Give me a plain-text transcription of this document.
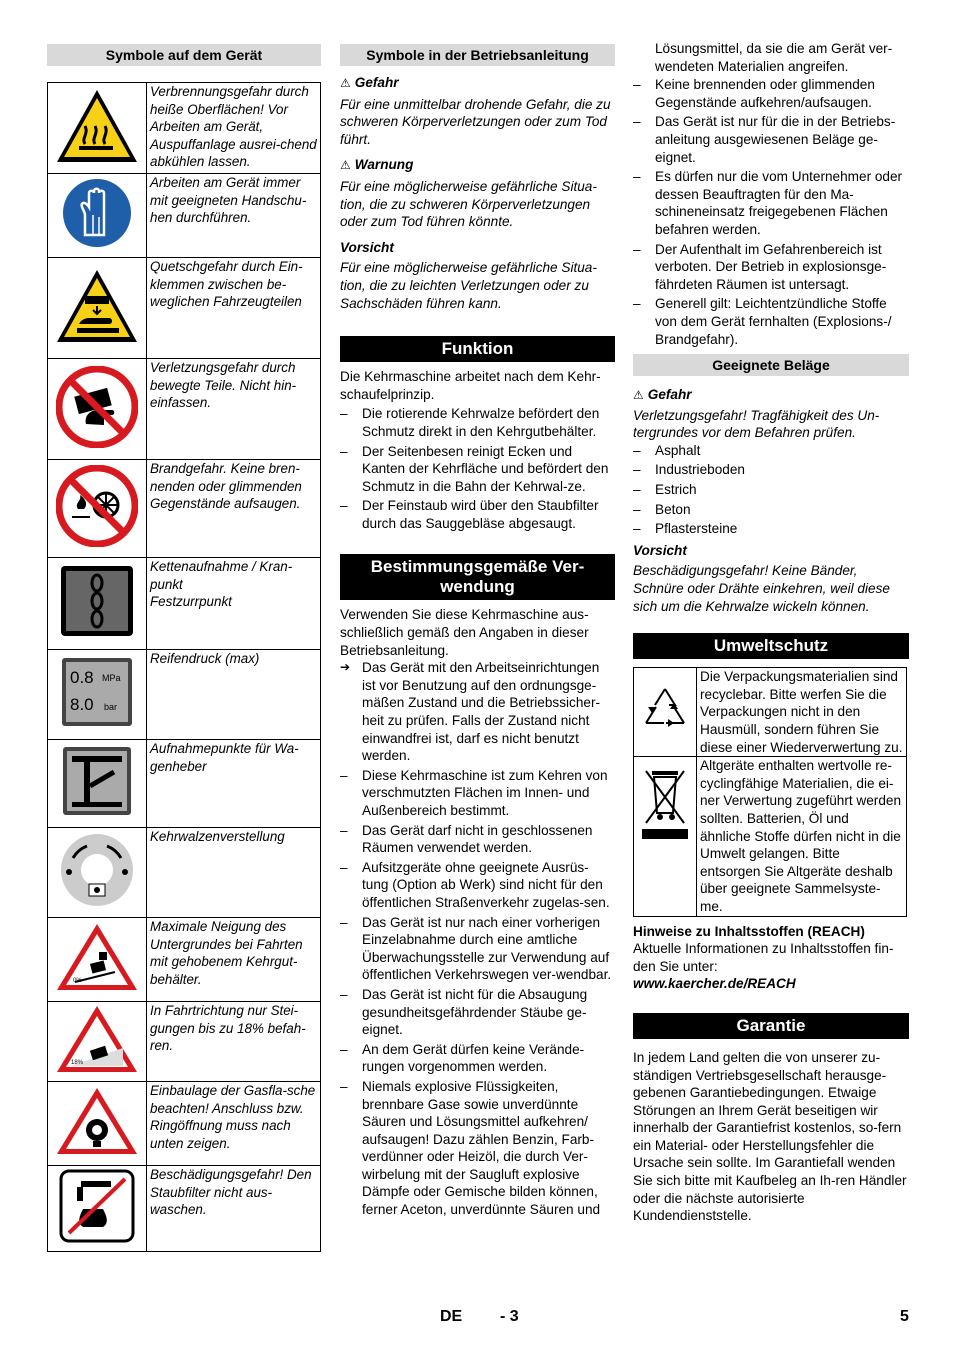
Symbole auf dem Gerät
	Verbrennungsgefahr durch heiße Oberflächen! Vor Arbeiten am Gerät, Auspuffanlage ausrei-chend abkühlen lassen.
	Arbeiten am Gerät immer mit geeigneten Handschu-hen durchführen.
	Quetschgefahr durch Ein-klemmen zwischen be-weglichen Fahrzeugteilen
	Verletzungsgefahr durch bewegte Teile. Nicht hin-einfassen.
	Brandgefahr. Keine bren-nenden oder glimmenden Gegenstände aufsaugen.
	Kettenaufnahme / Kran-punkt
Festzurrpunkt

0.8 MPa
8.0 bar	Reifendruck (max)
	Aufnahmepunkte für Wa-genheber
	Kehrwalzenverstellung

0%	Maximale Neigung des Untergrundes bei Fahrten mit gehobenem Kehrgut-behälter.

18%	In Fahrtrichtung nur Stei-gungen bis zu 18% befah-ren.
	Einbaulage der Gasfla-sche beachten! Anschluss bzw. Ringöffnung muss nach unten zeigen.
	Beschädigungsgefahr! Den Staubfilter nicht aus-waschen.
Symbole in der Betriebsanleitung

⚠ Gefahr

Für eine unmittelbar drohende Gefahr, die zu schweren Körperverletzungen oder zum Tod führt.

⚠ Warnung

Für eine möglicherweise gefährliche Situa-tion, die zu schweren Körperverletzungen oder zum Tod führen könnte.

Vorsicht

Für eine möglicherweise gefährliche Situa-tion, die zu leichten Verletzungen oder zu Sachschäden führen kann.

Funktion

Die Kehrmaschine arbeitet nach dem Kehr-schaufelprinzip.

– Die rotierende Kehrwalze befördert den Schmutz direkt in den Kehrgutbehälter.
– Der Seitenbesen reinigt Ecken und Kanten der Kehrfläche und befördert den Schmutz in die Bahn der Kehrwal-ze.
– Der Feinstaub wird über den Staubfilter durch das Sauggebläse abgesaugt.
Bestimmungsgemäße Ver-wendung

Verwenden Sie diese Kehrmaschine aus-schließlich gemäß den Angaben in dieser Betriebsanleitung.

➔ Das Gerät mit den Arbeitseinrichtungen ist vor Benutzung auf den ordnungsge-mäßen Zustand und die Betriebssicher-heit zu prüfen. Falls der Zustand nicht einwandfrei ist, darf es nicht benutzt werden.
– Diese Kehrmaschine ist zum Kehren von verschmutzten Flächen im Innen- und Außenbereich bestimmt.
– Das Gerät darf nicht in geschlossenen Räumen verwendet werden.
– Aufsitzgeräte ohne geeignete Ausrüs-tung (Option ab Werk) sind nicht für den öffentlichen Straßenverkehr zugelas-sen.
– Das Gerät ist nur nach einer vorherigen Einzelabnahme durch eine amtliche Überwachungsstelle zur Verwendung auf öffentlichen Verkehrswegen ver-wendbar.
– Das Gerät ist nicht für die Absaugung gesundheitsgefährdender Stäube ge-eignet.
– An dem Gerät dürfen keine Verände-rungen vorgenommen werden.
– Niemals explosive Flüssigkeiten, brennbare Gase sowie unverdünnte Säuren und Lösungsmittel aufkehren/ aufsaugen! Dazu zählen Benzin, Farb-verdünner oder Heizöl, die durch Ver-wirbelung mit der Saugluft explosive Dämpfe oder Gemische bilden können, ferner Aceton, unverdünnte Säuren und

Lösungsmittel, da sie die am Gerät ver-wendeten Materialien angreifen.

– Keine brennenden oder glimmenden Gegenstände aufkehren/aufsaugen.
– Das Gerät ist nur für die in der Betriebs-anleitung ausgewiesenen Beläge ge-eignet.
– Es dürfen nur die vom Unternehmer oder dessen Beauftragten für den Ma-schineneinsatz freigegebenen Flächen befahren werden.
– Der Aufenthalt im Gefahrenbereich ist verboten. Der Betrieb in explosionsge-fährdeten Räumen ist untersagt.
– Generell gilt: Leichtentzündliche Stoffe von dem Gerät fernhalten (Explosions-/ Brandgefahr).
Geeignete Beläge

⚠ Gefahr

Verletzungsgefahr! Tragfähigkeit des Un-tergrundes vor dem Befahren prüfen.

– Asphalt
– Industrieboden
– Estrich
– Beton
– Pflastersteine

Vorsicht

Beschädigungsgefahr! Keine Bänder, Schnüre oder Drähte einkehren, weil diese sich um die Kehrwalze wickeln können.

Umweltschutz
	Die Verpackungsmaterialien sind recyclebar. Bitte werfen Sie die Verpackungen nicht in den Hausmüll, sondern führen Sie diese einer Wiederverwertung zu.
	Altgeräte enthalten wertvolle re-cyclingfähige Materialien, die ei-ner Verwertung zugeführt werden sollten. Batterien, Öl und ähnliche Stoffe dürfen nicht in die Umwelt gelangen. Bitte entsorgen Sie Altgeräte deshalb über geeignete Sammelsyste-me.

Hinweise zu Inhaltsstoffen (REACH)

Aktuelle Informationen zu Inhaltsstoffen fin-den Sie unter:

www.kaercher.de/REACH

Garantie

In jedem Land gelten die von unserer zu-ständigen Vertriebsgesellschaft herausge-gebenen Garantiebedingungen. Etwaige Störungen an Ihrem Gerät beseitigen wir innerhalb der Garantiefrist kostenlos, so-fern ein Material- oder Herstellungsfehler die Ursache sein sollte. Im Garantiefall wenden Sie sich bitte mit Kaufbeleg an Ih-ren Händler oder die nächste autorisierte Kundendienststelle.

DE - 3	5
